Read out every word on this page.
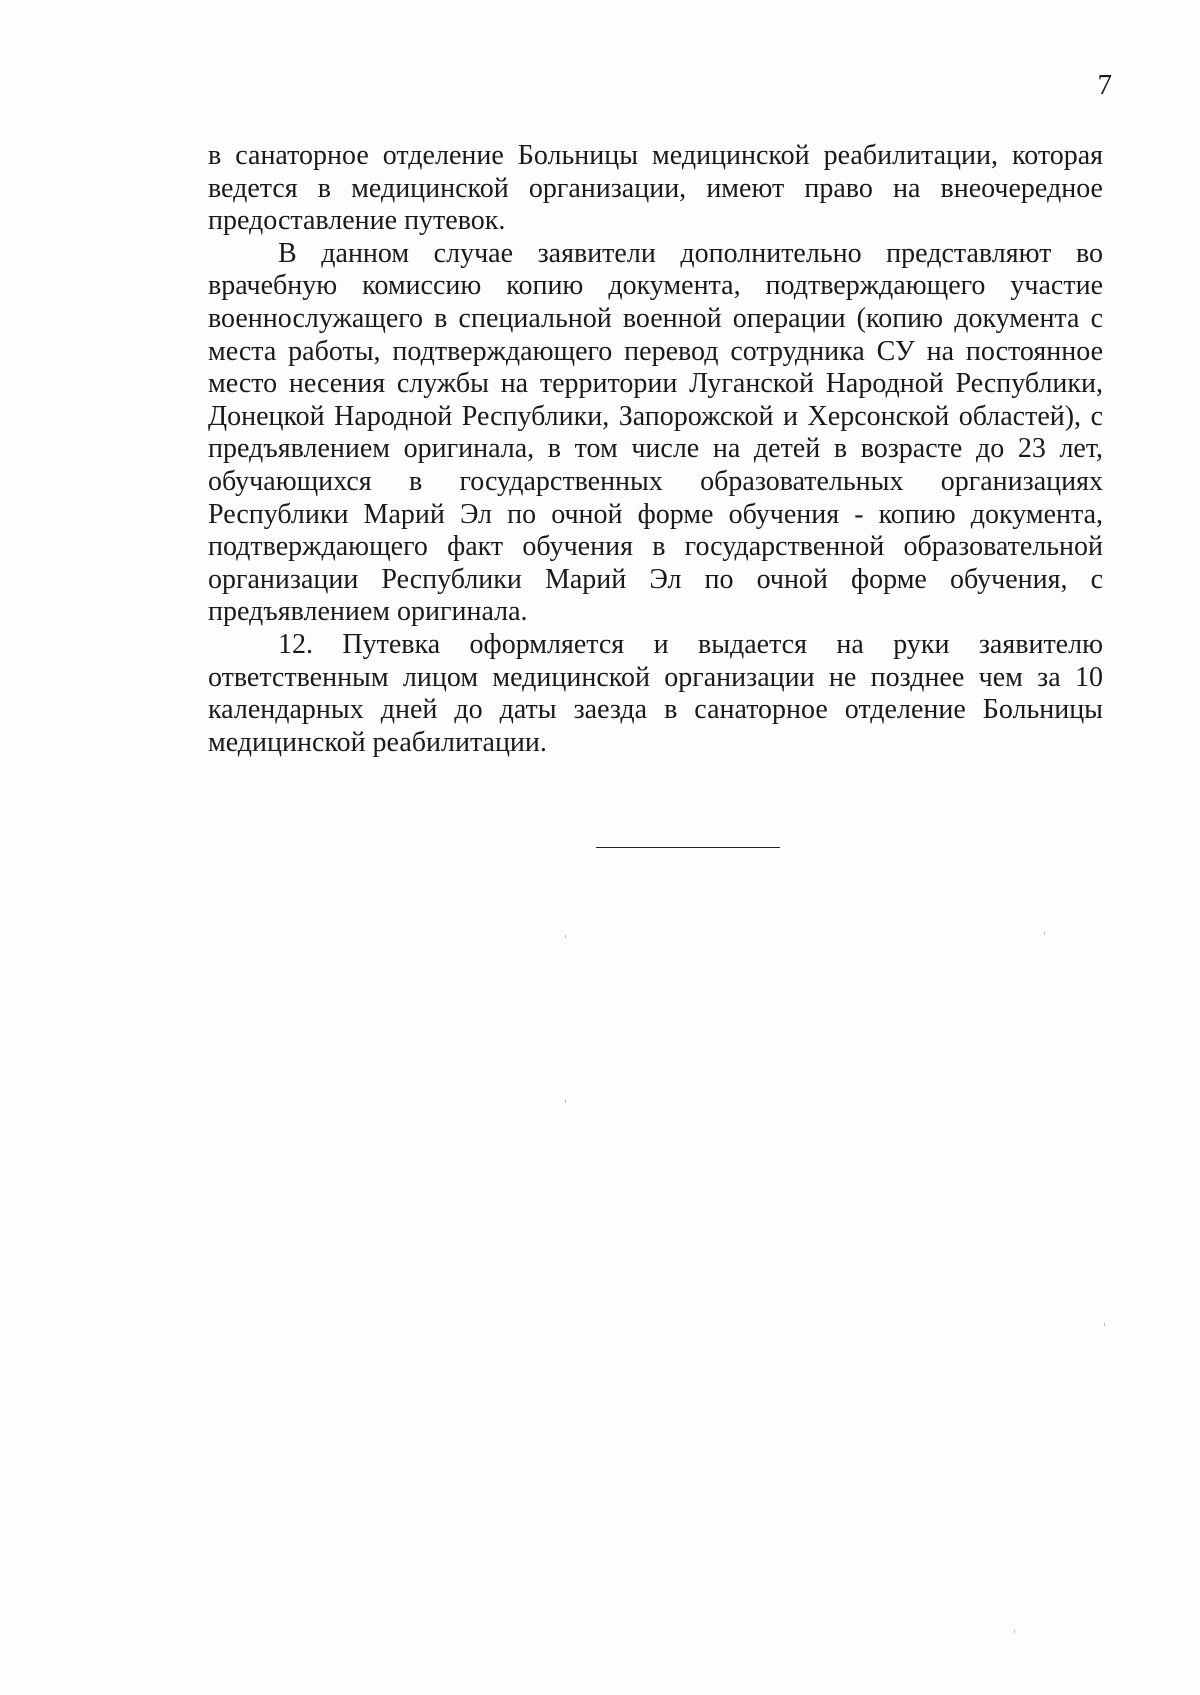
7

в санаторное отделение Больницы медицинской реабилитации, которая ведется в медицинской организации, имеют право на внеочередное предоставление путевок.

В данном случае заявители дополнительно представляют во врачебную комиссию копию документа, подтверждающего участие военнослужащего в специальной военной операции (копию документа с места работы, подтверждающего перевод сотрудника СУ на постоянное место несения службы на территории Луганской Народной Республики, Донецкой Народной Республики, Запорожской и Херсонской областей), с предъявлением оригинала, в том числе на детей в возрасте до 23 лет, обучающихся в государственных образовательных организациях Республики Марий Эл по очной форме обучения - копию документа, подтверждающего факт обучения в государственной образовательной организации Республики Марий Эл по очной форме обучения, с предъявлением оригинала.

12. Путевка оформляется и выдается на руки заявителю ответственным лицом медицинской организации не позднее чем за 10 календарных дней до даты заезда в санаторное отделение Больницы медицинской реабилитации.
